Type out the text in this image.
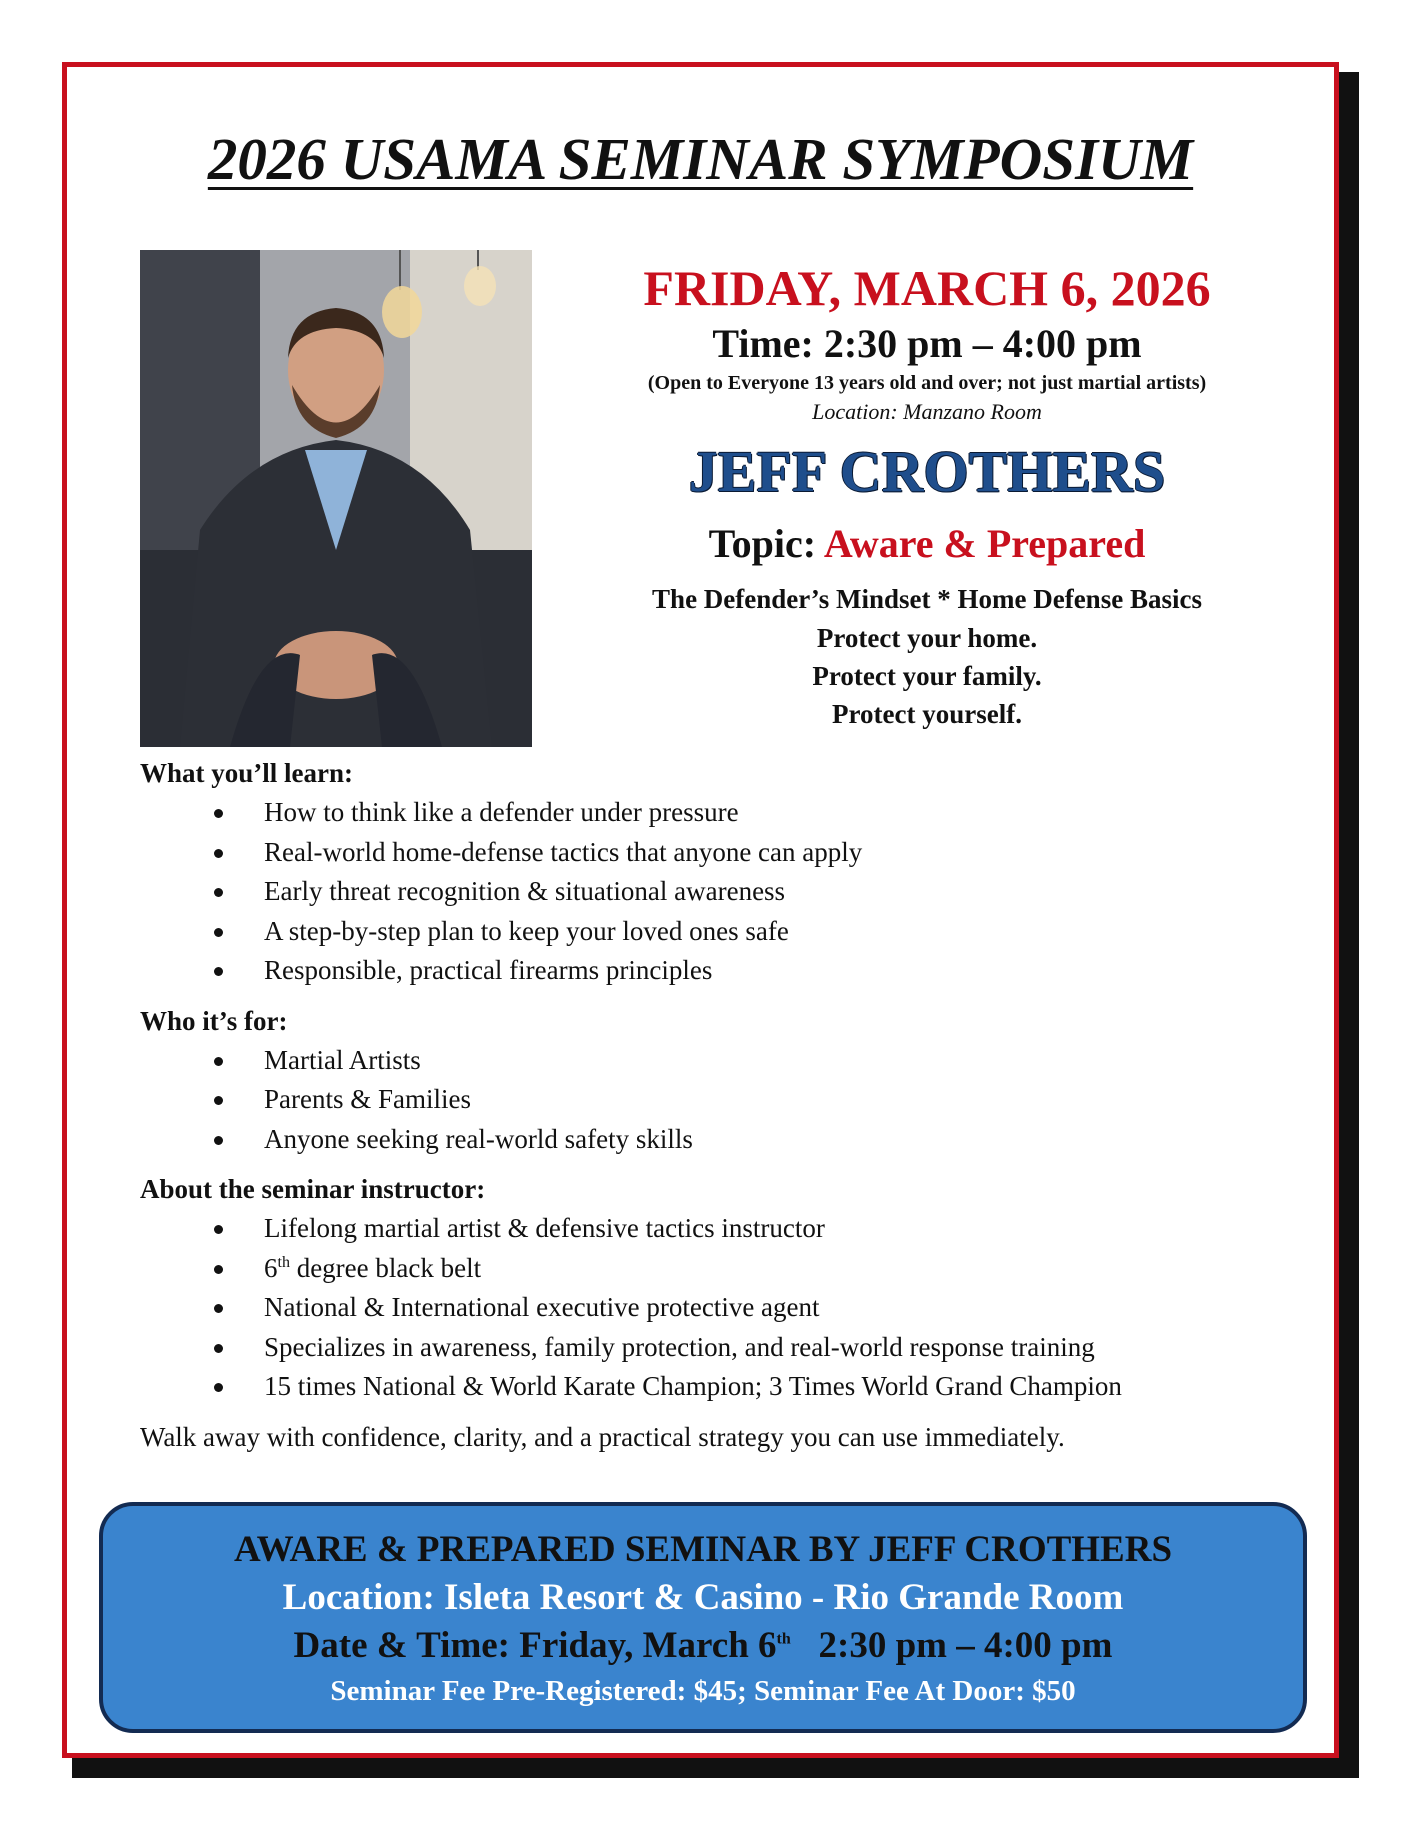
2026 USAMA SEMINAR SYMPOSIUM

FRIDAY, MARCH 6, 2026

Time: 2:30 pm – 4:00 pm

(Open to Everyone 13 years old and over; not just martial artists)

Location: Manzano Room

JEFF CROTHERS

Topic: Aware & Prepared

The Defender’s Mindset * Home Defense Basics

Protect your home.

Protect your family.

Protect yourself.

What you’ll learn:

How to think like a defender under pressure
Real-world home-defense tactics that anyone can apply
Early threat recognition & situational awareness
A step-by-step plan to keep your loved ones safe
Responsible, practical firearms principles

Who it’s for:

Martial Artists
Parents & Families
Anyone seeking real-world safety skills

About the seminar instructor:

Lifelong martial artist & defensive tactics instructor
6th degree black belt
National & International executive protective agent
Specializes in awareness, family protection, and real-world response training
15 times National & World Karate Champion; 3 Times World Grand Champion

Walk away with confidence, clarity, and a practical strategy you can use immediately.

AWARE & PREPARED SEMINAR BY JEFF CROTHERS

Location: Isleta Resort & Casino - Rio Grande Room

Date & Time: Friday, March 6th   2:30 pm – 4:00 pm

Seminar Fee Pre-Registered: $45; Seminar Fee At Door: $50
